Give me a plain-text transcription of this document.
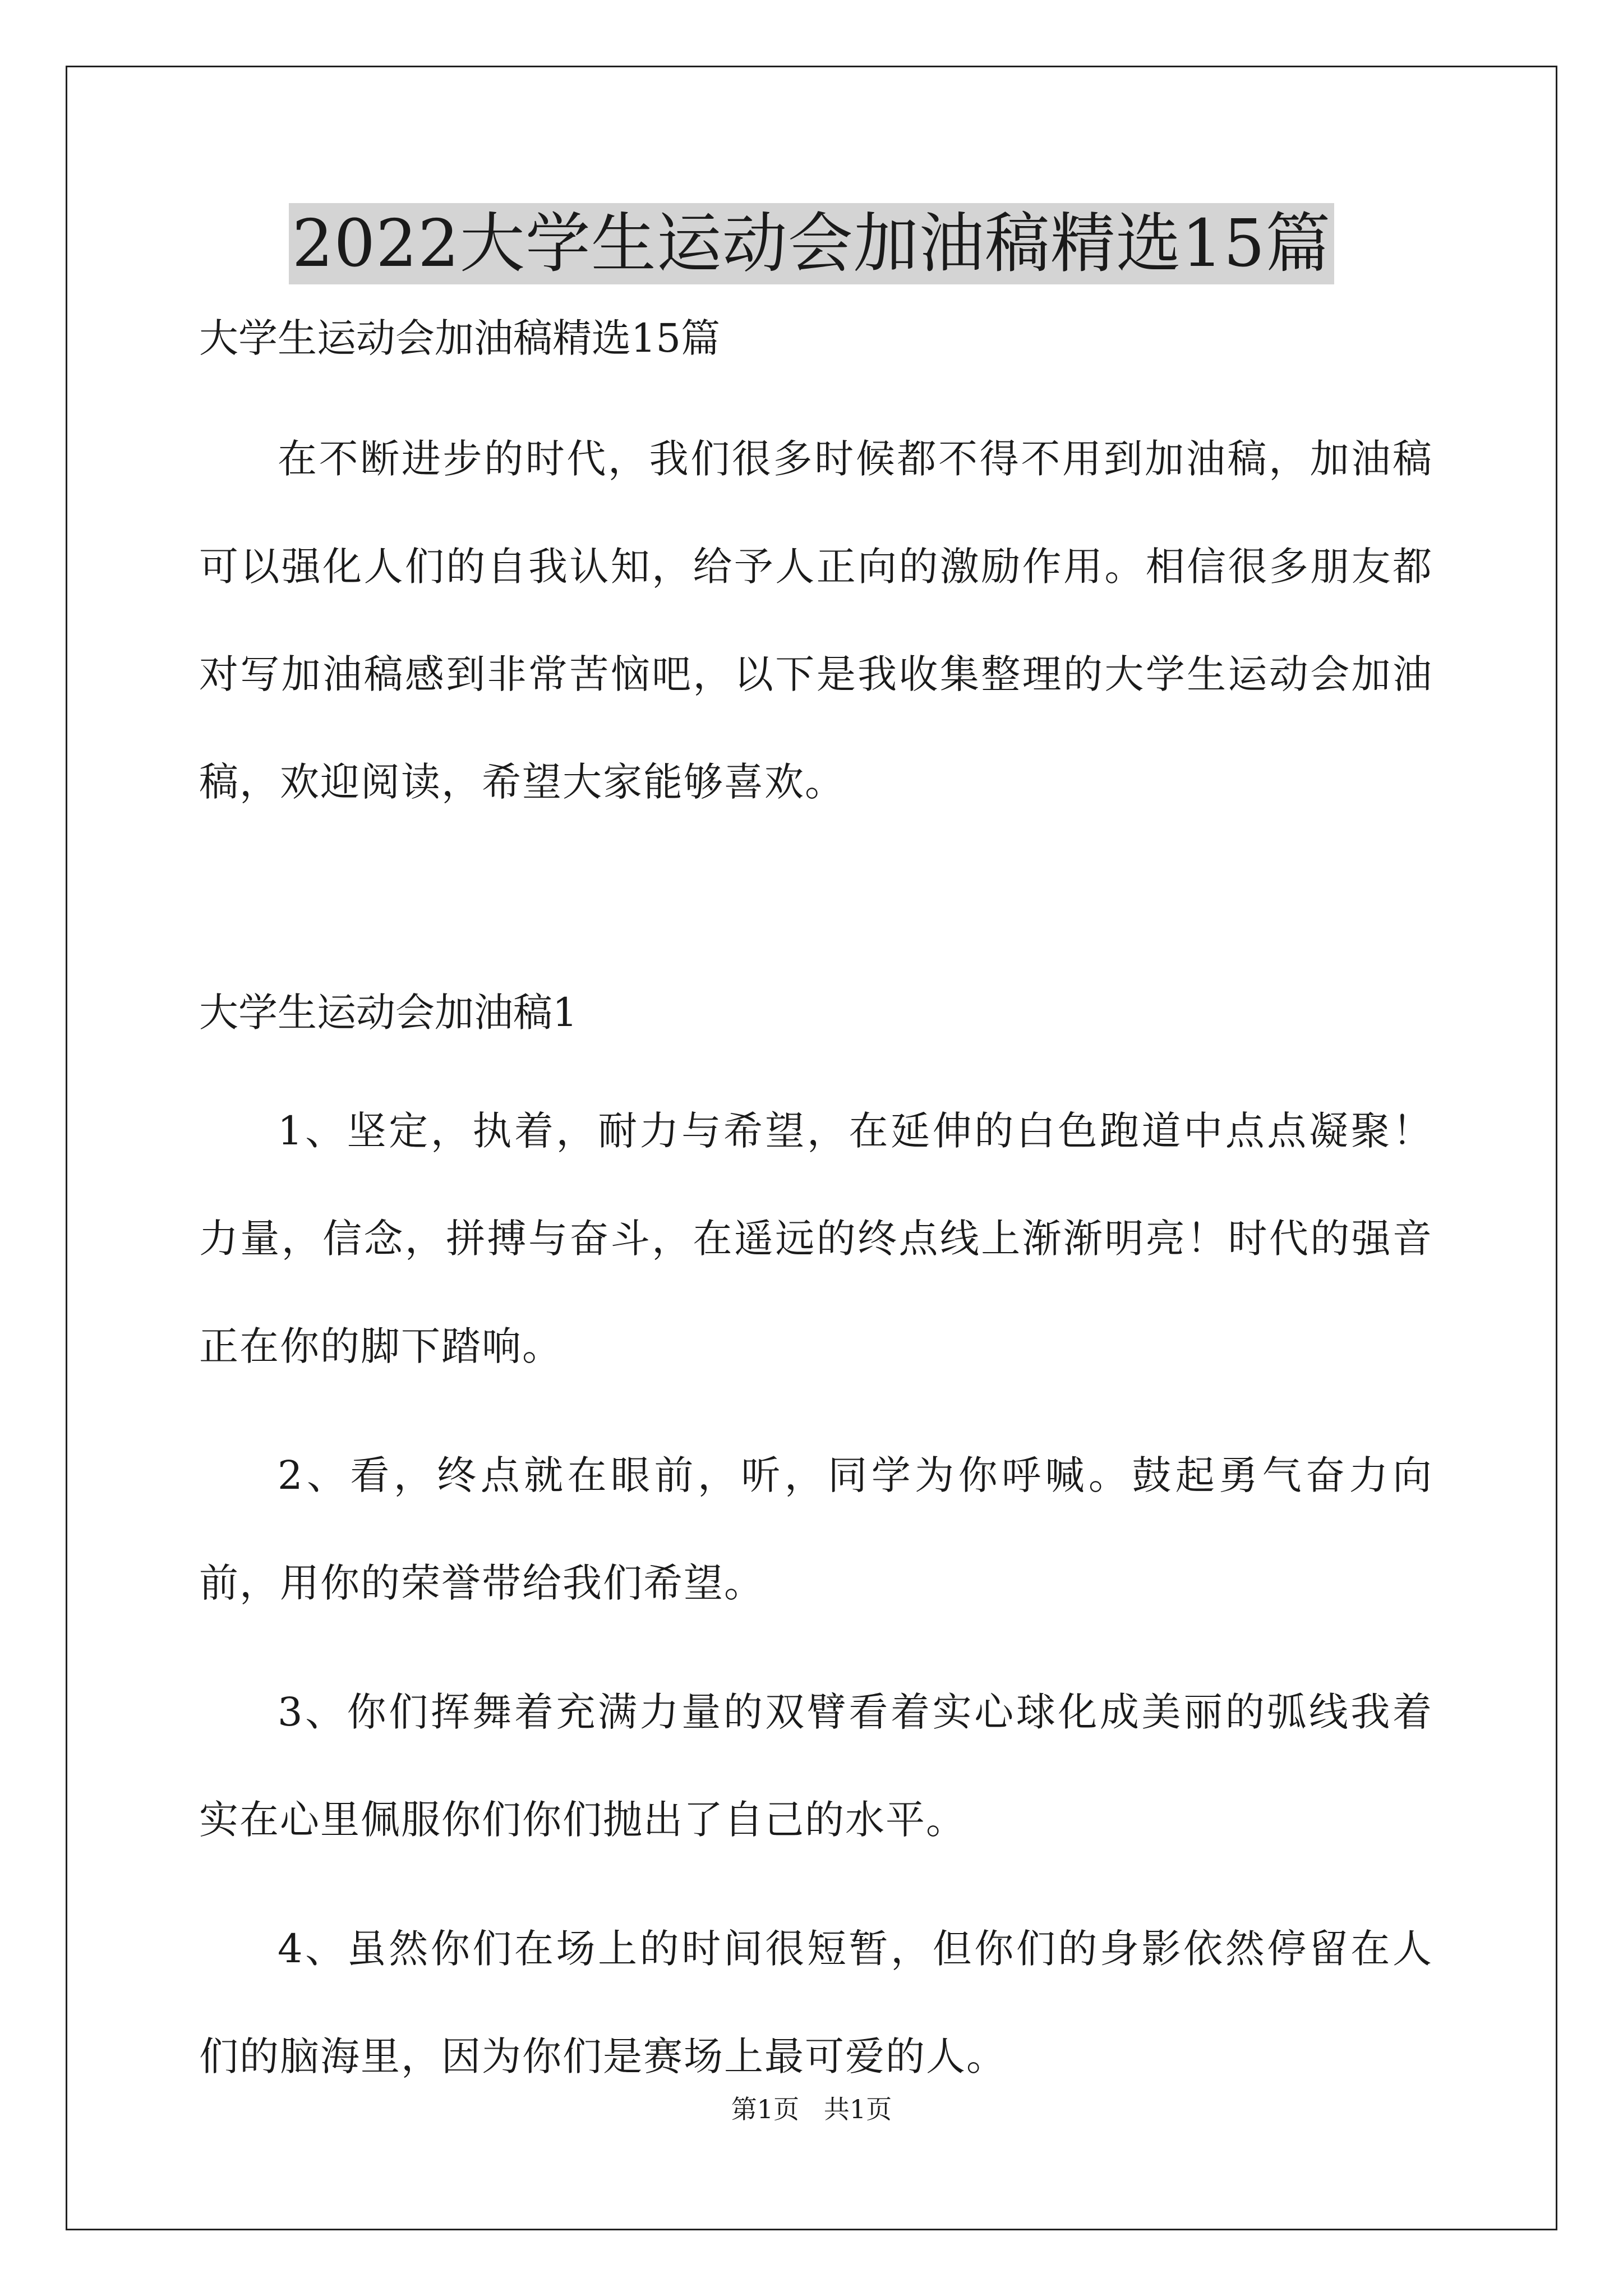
2022大学生运动会加油稿精选15篇

大学生运动会加油稿精选15篇

在不断进步的时代，我们很多时候都不得不用到加油稿，加油稿可以强化人们的自我认知，给予人正向的激励作用。相信很多朋友都对写加油稿感到非常苦恼吧，以下是我收集整理的大学生运动会加油稿，欢迎阅读，希望大家能够喜欢。

大学生运动会加油稿1

1、坚定，执着，耐力与希望，在延伸的白色跑道中点点凝聚！力量，信念，拼搏与奋斗，在遥远的终点线上渐渐明亮！时代的强音正在你的脚下踏响。

2、看，终点就在眼前，听，同学为你呼喊。鼓起勇气奋力向前，用你的荣誉带给我们希望。

3、你们挥舞着充满力量的双臂看着实心球化成美丽的弧线我着实在心里佩服你们你们抛出了自己的水平。

4、虽然你们在场上的时间很短暂，但你们的身影依然停留在人们的脑海里，因为你们是赛场上最可爱的人。

第1页   共1页
